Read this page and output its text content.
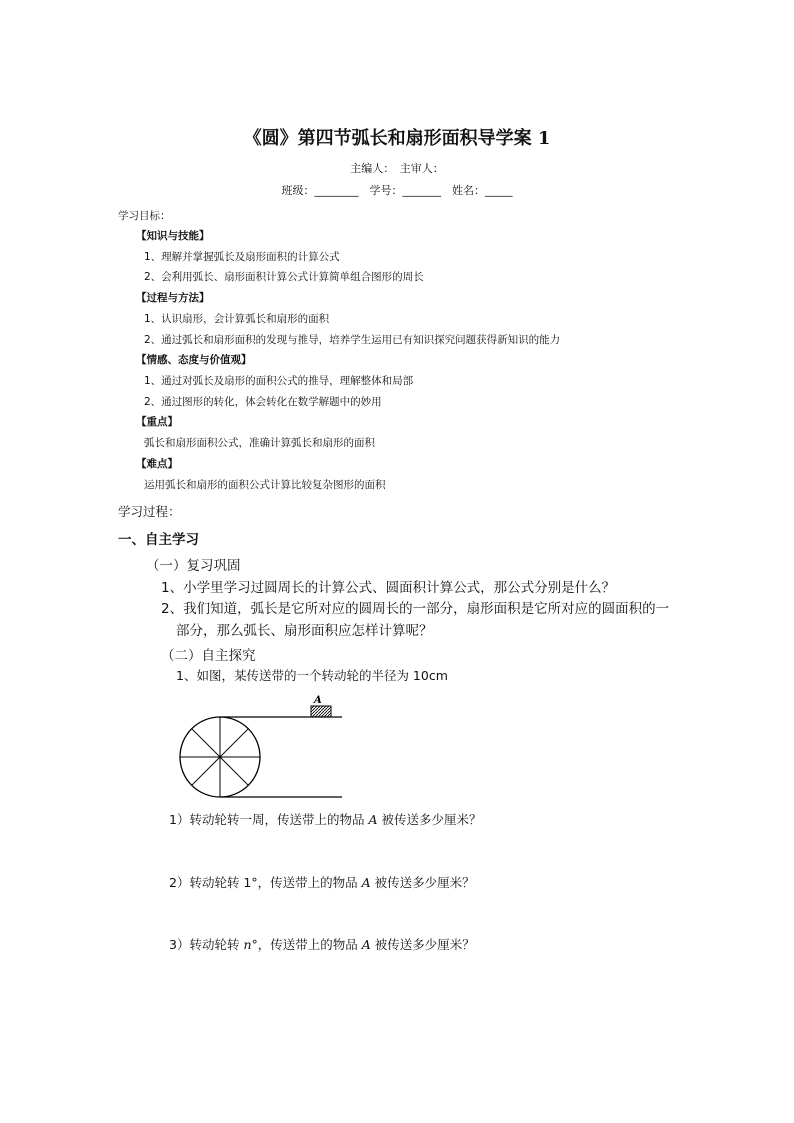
《圆》第四节弧长和扇形面积导学案 1
主编人：　主审人：
班级：________　学号：_______　姓名：_____
学习目标：
【知识与技能】
1、理解并掌握弧长及扇形面积的计算公式
2、会利用弧长、扇形面积计算公式计算简单组合图形的周长
【过程与方法】
1、认识扇形，会计算弧长和扇形的面积
2、通过弧长和扇形面积的发现与推导，培养学生运用已有知识探究问题获得新知识的能力
【情感、态度与价值观】
1、通过对弧长及扇形的面积公式的推导，理解整体和局部
2、通过图形的转化，体会转化在数学解题中的妙用
【重点】
弧长和扇形面积公式，准确计算弧长和扇形的面积
【难点】
运用弧长和扇形的面积公式计算比较复杂图形的面积
学习过程：
一、自主学习
（一）复习巩固
1、小学里学习过圆周长的计算公式、圆面积计算公式，那公式分别是什么？
2、我们知道，弧长是它所对应的圆周长的一部分，扇形面积是它所对应的圆面积的一
部分，那么弧长、扇形面积应怎样计算呢？
（二）自主探究
1、如图，某传送带的一个转动轮的半径为 10cm
A
1）转动轮转一周，传送带上的物品 A 被传送多少厘米？
2）转动轮转 1°，传送带上的物品 A 被传送多少厘米？
3）转动轮转 n°，传送带上的物品 A 被传送多少厘米？
